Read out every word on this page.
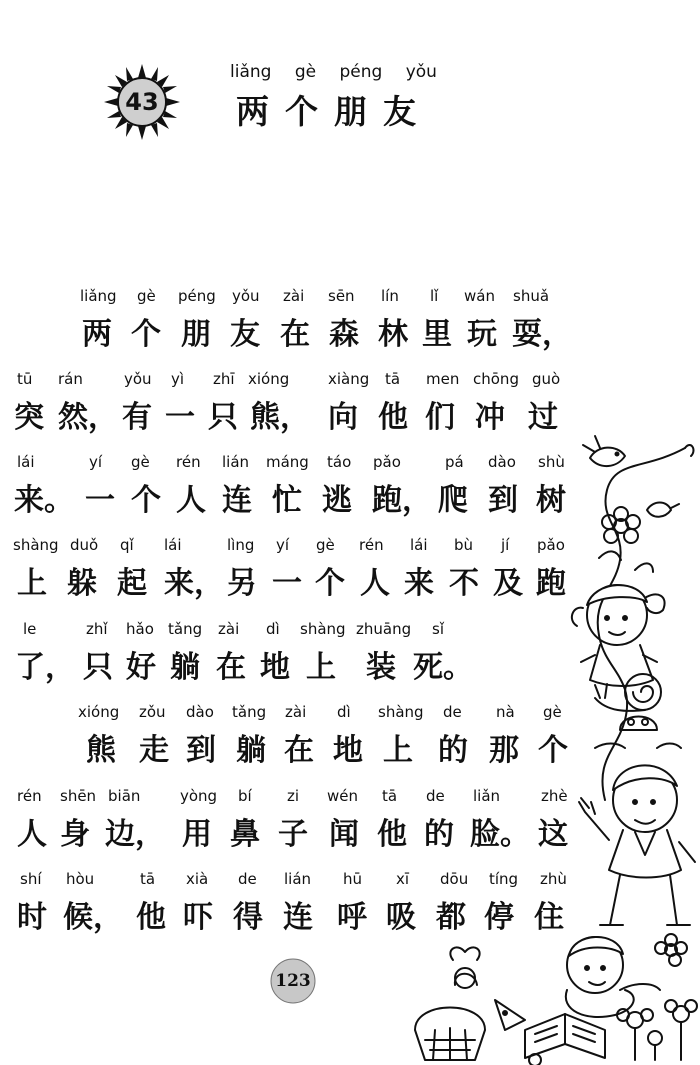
43
liǎng gè péng yǒu
两个朋友
liǎng gè péng yǒu zài sēn lín lǐ wán shuǎ
两 个 朋 友 在 森 林 里 玩 耍，
tū rán	yǒu yì zhī xióng	xiàng tā men chōng guò
突 然， 有 一 只 熊， 向 他 们 冲 过
lái	yí gè rén lián máng táo pǎo	pá dào shù
来。 一 个 人 连 忙 逃 跑， 爬 到 树
shàng duǒ qǐ lái	lìng yí gè rén lái bù jí pǎo
上 躲 起 来， 另 一 个 人 来 不 及 跑
le	zhǐ hǎo tǎng zài dì shàng zhuāng sǐ
了， 只 好 躺 在 地 上 装 死。
xióng zǒu dào tǎng zài dì shàng de nà gè
熊 走 到 躺 在 地 上 的 那 个
rén shēn biān	yòng bí zi wén tā de liǎn	zhè
人 身 边， 用 鼻 子 闻 他 的 脸。 这
shí hòu	tā xià de lián hū xī dōu tíng zhù
时 候， 他 吓 得 连 呼 吸 都 停 住
123
